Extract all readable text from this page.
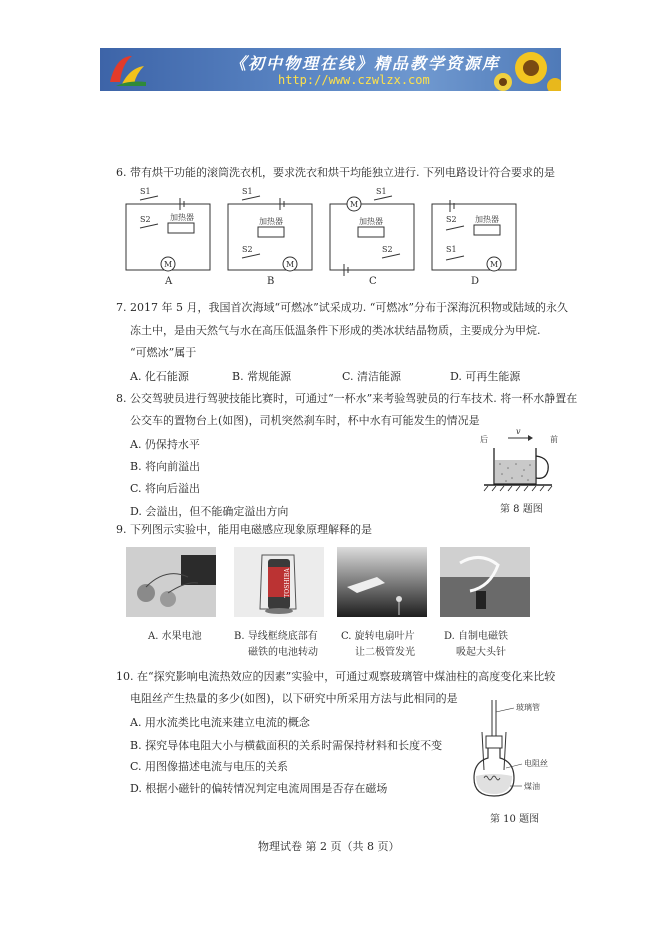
《初中物理在线》精品教学资源库
http://www.czwlzx.com
6. 带有烘干功能的滚筒洗衣机，要求洗衣和烘干均能独立进行. 下列电路设计符合要求的是
S1
S2 加热器
M
S1
加热器
S2
M
M
S1
加热器
S2
S2 加热器
S1
M
A	B	C	D
7. 2017 年 5 月，我国首次海域“可燃冰”试采成功. “可燃冰”分布于深海沉积物或陆域的永久
冻土中，是由天然气与水在高压低温条件下形成的类冰状结晶物质，主要成分为甲烷.
“可燃冰”属于
A. 化石能源	B. 常规能源	C. 清洁能源	D. 可再生能源
8. 公交驾驶员进行驾驶技能比赛时，可通过“一杯水”来考验驾驶员的行车技术. 将一杯水静置在
公交车的置物台上(如图)，司机突然刹车时，杯中水有可能发生的情况是
A. 仍保持水平
B. 将向前溢出
C. 将向后溢出
D. 会溢出，但不能确定溢出方向
后	前
v
第 8 题图
9. 下列图示实验中，能用电磁感应现象原理解释的是
TOSHIBA
A. 水果电池	B. 导线框绕底部有
磁铁的电池转动
C. 旋转电扇叶片
让二极管发光
D. 自制电磁铁
吸起大头针
10. 在“探究影响电流热效应的因素”实验中，可通过观察玻璃管中煤油柱的高度变化来比较
电阻丝产生热量的多少(如图)，以下研究中所采用方法与此相同的是
A. 用水流类比电流来建立电流的概念
B. 探究导体电阻大小与横截面积的关系时需保持材料和长度不变
C. 用图像描述电流与电压的关系
D. 根据小磁针的偏转情况判定电流周围是否存在磁场
玻璃管
电阻丝
煤油
第 10 题图
物理试卷 第 2 页（共 8 页）
